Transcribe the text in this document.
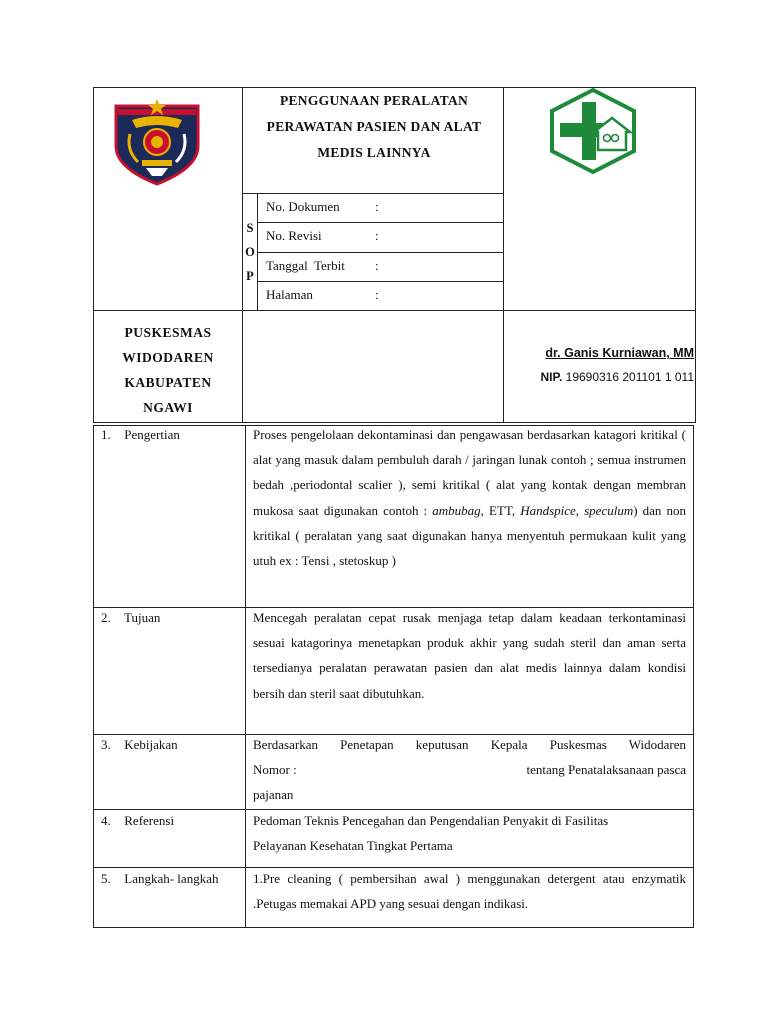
PENGGUNAAN PERALATAN
PERAWATAN PASIEN DAN ALAT
MEDIS LAINNYA
S
O
P
No. Dokumen	:
No. Revisi	:
Tanggal  Terbit :
Halaman	:
PUSKESMAS
WIDODAREN
KABUPATEN
NGAWI
dr. Ganis Kurniawan, MM
NIP. 19690316 201101 1 011
1. Pengertian	Proses pengelolaan dekontaminasi dan pengawasan berdasarkan katagori kritikal ( alat yang masuk dalam pembuluh darah / jaringan lunak contoh ; semua instrumen bedah ,periodontal scalier ), semi kritikal ( alat yang kontak dengan membran mukosa saat digunakan contoh : ambubag, ETT, Handspice, speculum) dan non kritikal ( peralatan yang saat digunakan hanya menyentuh permukaan kulit yang utuh ex : Tensi , stetoskup )
2. Tujuan	Mencegah peralatan cepat rusak menjaga tetap dalam keadaan terkontaminasi sesuai katagorinya menetapkan produk akhir yang sudah steril dan aman serta tersedianya peralatan perawatan pasien dan alat medis lainnya dalam kondisi bersih dan steril saat dibutuhkan.
3. Kebijakan	Berdasarkan Penetapan keputusan Kepala Puskesmas Widodaren
Nomor :	tentang Penatalaksanaan pasca
pajanan
4. Referensi	Pedoman Teknis Pencegahan dan Pengendalian Penyakit di Fasilitas
Pelayanan Kesehatan Tingkat Pertama
5. Langkah- langkah	1.Pre cleaning ( pembersihan awal ) menggunakan detergent atau enzymatik .Petugas memakai APD yang sesuai dengan indikasi.
